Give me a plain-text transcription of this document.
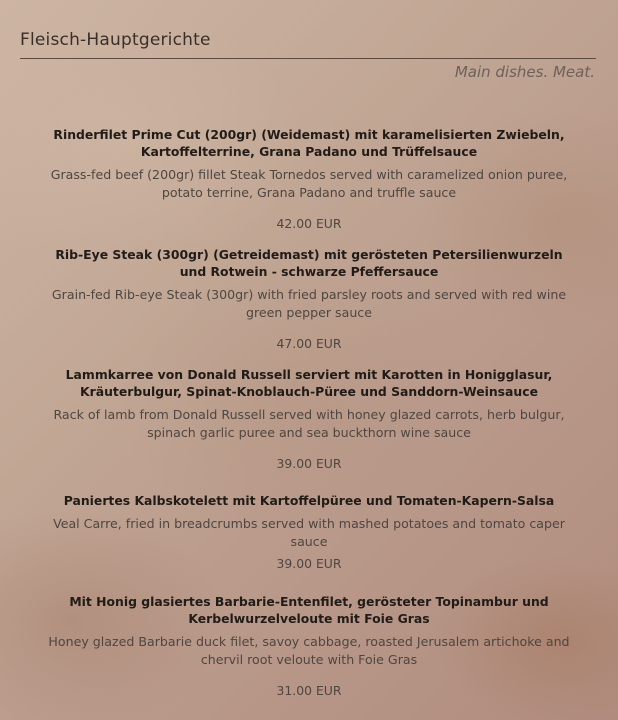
Fleisch-Hauptgerichte
Main dishes. Meat.
Rinderfilet Prime Cut (200gr) (Weidemast) mit karamelisierten Zwiebeln, Kartoffelterrine, Grana Padano und Trüffelsauce
Grass-fed beef (200gr) fillet Steak Tornedos served with caramelized onion puree, potato terrine, Grana Padano and truffle sauce
42.00 EUR
Rib-Eye Steak (300gr) (Getreidemast) mit gerösteten Petersilienwurzeln und Rotwein - schwarze Pfeffersauce
Grain-fed Rib-eye Steak (300gr) with fried parsley roots and served with red wine green pepper sauce
47.00 EUR
Lammkarree von Donald Russell serviert mit Karotten in Honigglasur, Kräuterbulgur, Spinat-Knoblauch-Püree und Sanddorn-Weinsauce
Rack of lamb from Donald Russell served with honey glazed carrots, herb bulgur, spinach garlic puree and sea buckthorn wine sauce
39.00 EUR
Paniertes Kalbskotelett mit Kartoffelpüree und Tomaten-Kapern-Salsa
Veal Carre, fried in breadcrumbs served with mashed potatoes and tomato caper sauce
39.00 EUR
Mit Honig glasiertes Barbarie-Entenfilet, gerösteter Topinambur und Kerbelwurzelveloute mit Foie Gras
Honey glazed Barbarie duck filet, savoy cabbage, roasted Jerusalem artichoke and chervil root veloute with Foie Gras
31.00 EUR
